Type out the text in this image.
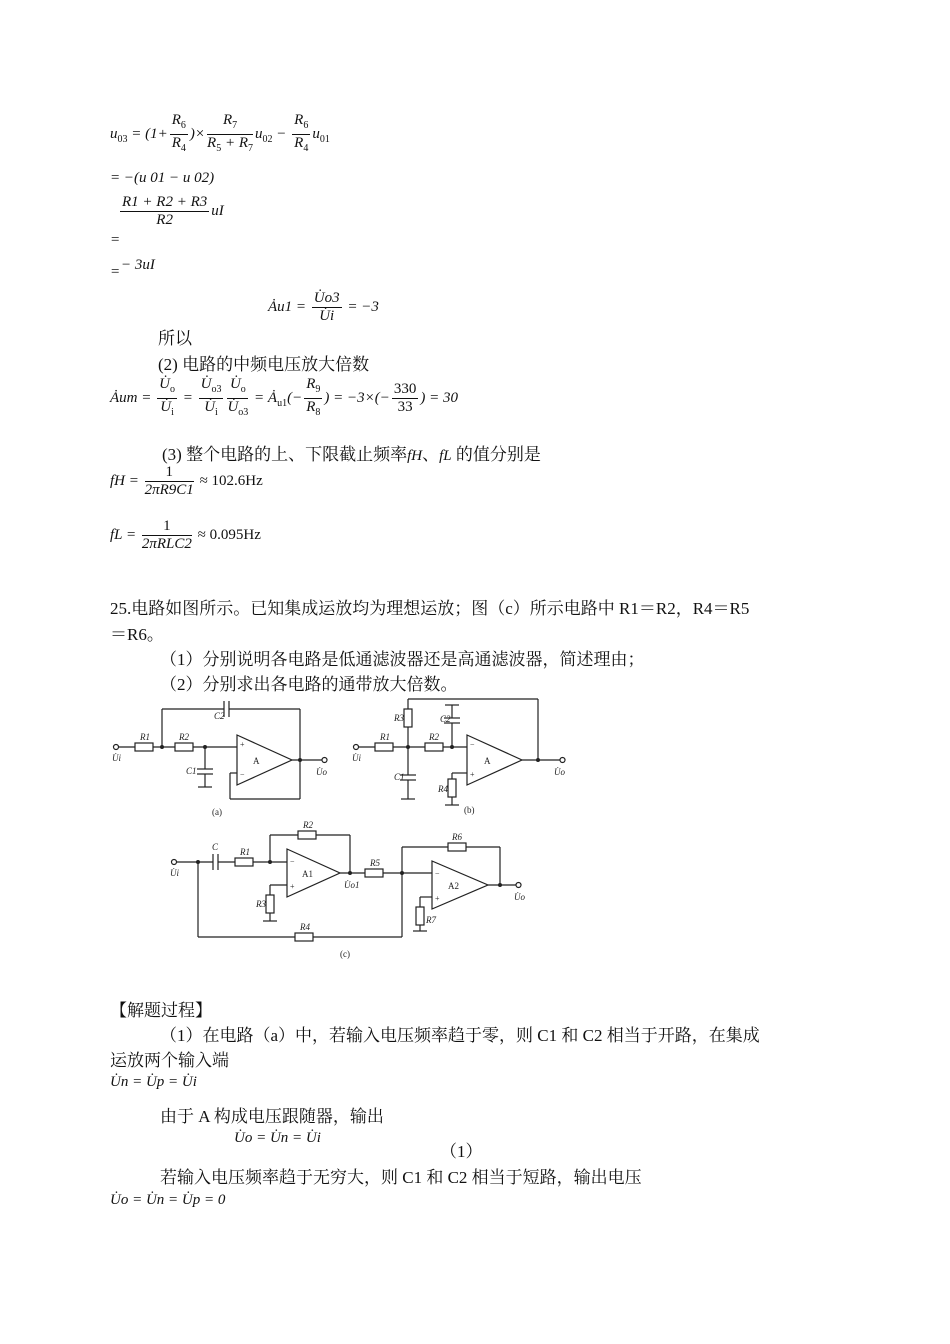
$u_{03} = (1+ \frac{R_6}{R_4}$ )× $\frac{R_7}{R_5 + R_7} u_{02} - \frac{R_6}{R_4} u_{01}$
= −(u 01 − u 02)
$\frac{R1 + R2 + R3}{R2}$ uI
=
= − 3uI
Ȧu1 = $\frac{U̇o3}{U̇i} = -3$
所以
(2) 电路的中频电压放大倍数
Ȧum = $\frac{U̇_o}{U̇_i} = \frac{U̇_{o3}}{U̇_i} \frac{U̇_o}{U̇_{o3}}$ = $Ȧ_{u1}(- \frac{R_9}{R_8}$ ) = $-3\times(- \frac{330}{33}$ ) = 30
(3) 整个电路的上、下限截止频率fH、fL 的值分别是
fH = $\frac{1}{2\pi R9C1} \approx 102.6Hz$
fL = $\frac{1}{\text{2πRLC2}} \approx 0.095Hz$
25.电路如图所示。已知集成运放均为理想运放；图（c）所示电路中 R1＝R2，R4＝R5
＝R6。
（1）分别说明各电路是低通滤波器还是高通滤波器，简述理由；
（2）分别求出各电路的通带放大倍数。
U̇i
R1	R2
C2
C1
A
U̇o
(a)
+
−
U̇i
R1	R2
R3	C2
C1
R4
A
U̇o
(b)
−
+
U̇i
C R1
R2
R3
A1
U̇o1
R5
R6
A2
U̇o
R7
R4
(c)
−
+
−
+
【解题过程】
（1）在电路（a）中，若输入电压频率趋于零，则 C1 和 C2 相当于开路，在集成
运放两个输入端
U̇n = U̇p = U̇i
由于 A 构成电压跟随器，输出
U̇o = U̇n = U̇i
（1）
若输入电压频率趋于无穷大，则 C1 和 C2 相当于短路，输出电压
U̇o = U̇n = U̇p = 0
